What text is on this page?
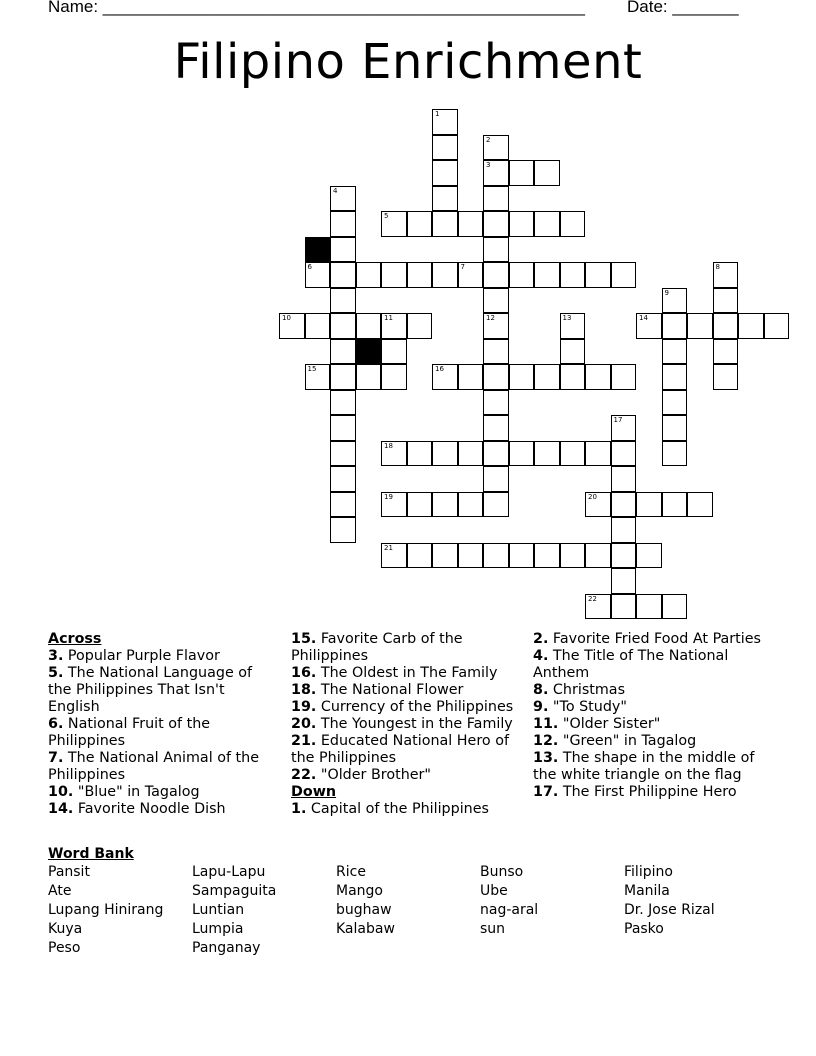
Name: ___________________________________________________ Date: _______
Filipino Enrichment
1
2
3
12
4
5
6	7	8
9
10	11	13	14
15	16
17
18
19	20
21
22

Across

3. Popular Purple Flavor

5. The National Language of the Philippines That Isn't English

6. National Fruit of the Philippines

7. The National Animal of the Philippines

10. "Blue" in Tagalog

14. Favorite Noodle Dish

15. Favorite Carb of the Philippines

16. The Oldest in The Family

18. The National Flower

19. Currency of the Philippines

20. The Youngest in the Family

21. Educated National Hero of the Philippines

22. "Older Brother"

Down

1. Capital of the Philippines

2. Favorite Fried Food At Parties

4. The Title of The National Anthem

8. Christmas

9. "To Study"

11. "Older Sister"

12. "Green" in Tagalog

13. The shape in the middle of the white triangle on the flag

17. The First Philippine Hero

Word Bank
Pansit
Ate
Lupang Hinirang
Kuya
Peso
Lapu-Lapu
Sampaguita
Luntian
Lumpia
Panganay
Rice
Mango
bughaw
Kalabaw
Bunso
Ube
nag-aral
sun
Filipino
Manila
Dr. Jose Rizal
Pasko
